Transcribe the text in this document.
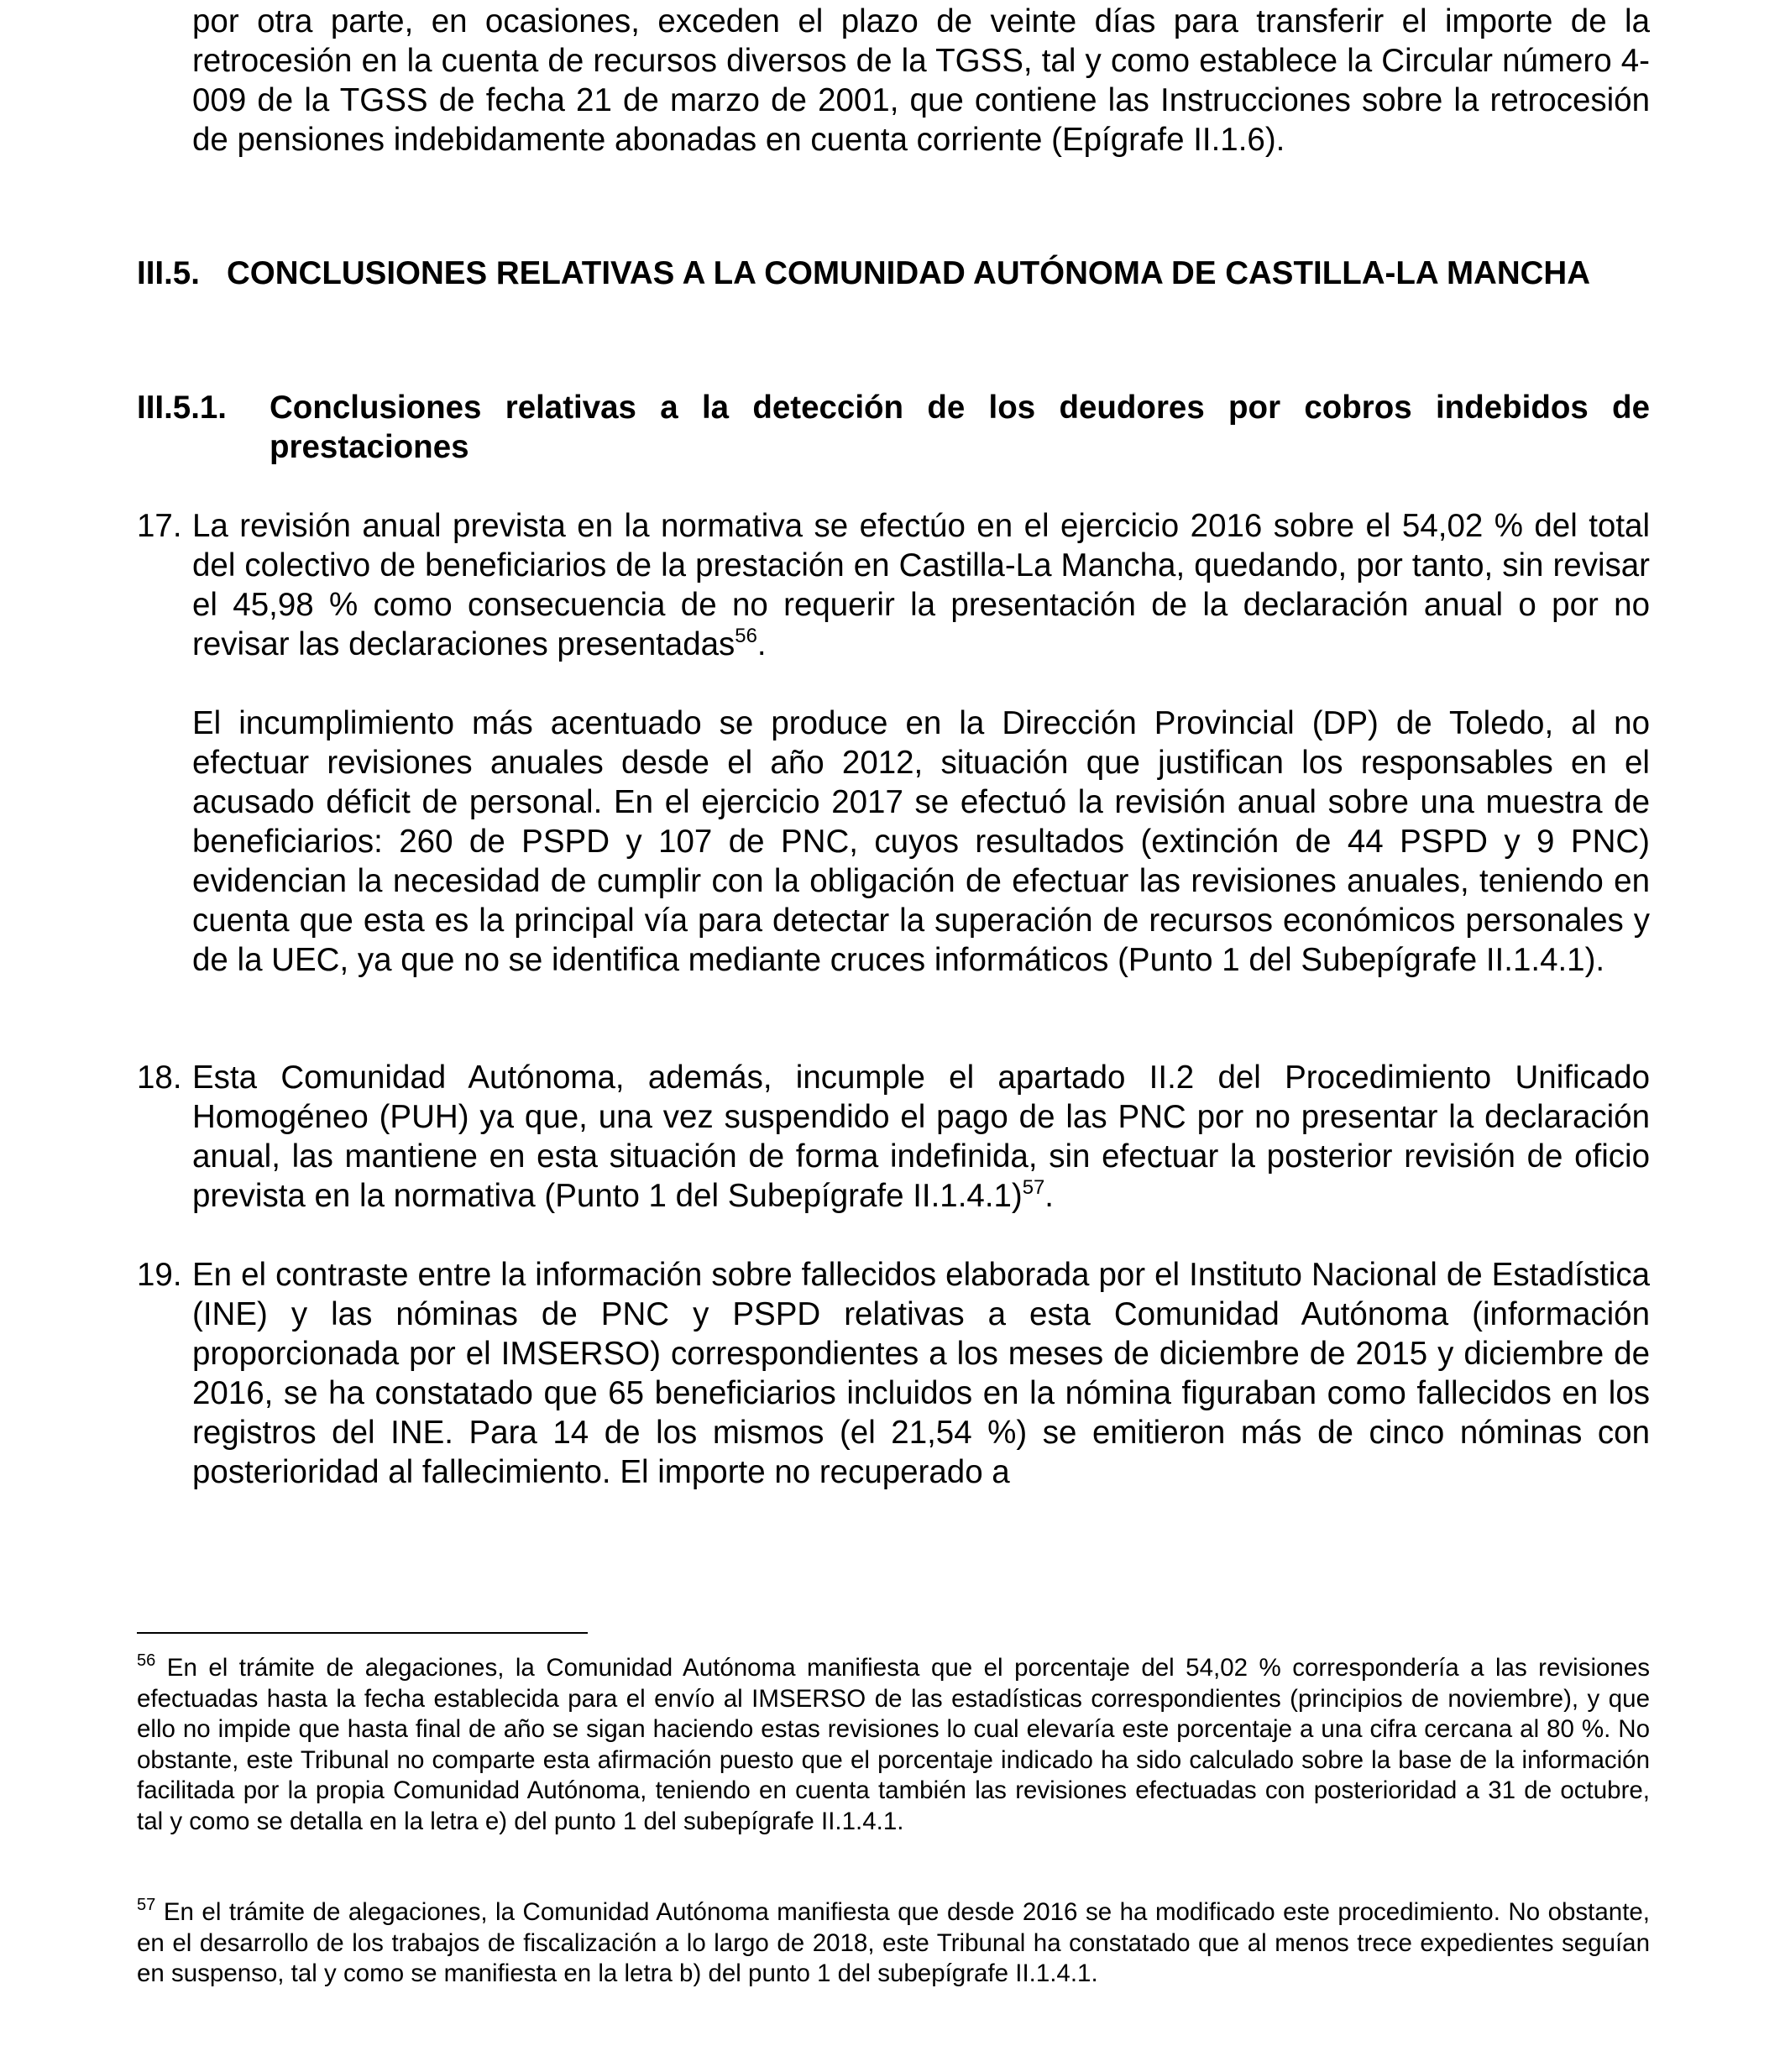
por otra parte, en ocasiones, exceden el plazo de veinte días para transferir el importe de la retrocesión en la cuenta de recursos diversos de la TGSS, tal y como establece la Circular número 4-009 de la TGSS de fecha 21 de marzo de 2001, que contiene las Instrucciones sobre la retrocesión de pensiones indebidamente abonadas en cuenta corriente (Epígrafe II.1.6).
III.5. CONCLUSIONES RELATIVAS A LA COMUNIDAD AUTÓNOMA DE CASTILLA-LA MANCHA
III.5.1. Conclusiones relativas a la detección de los deudores por cobros indebidos de prestaciones
17. La revisión anual prevista en la normativa se efectúo en el ejercicio 2016 sobre el 54,02 % del total del colectivo de beneficiarios de la prestación en Castilla-La Mancha, quedando, por tanto, sin revisar el 45,98 % como consecuencia de no requerir la presentación de la declaración anual o por no revisar las declaraciones presentadas$^{56}$.

El incumplimiento más acentuado se produce en la Dirección Provincial (DP) de Toledo, al no efectuar revisiones anuales desde el año 2012, situación que justifican los responsables en el acusado déficit de personal. En el ejercicio 2017 se efectuó la revisión anual sobre una muestra de beneficiarios: 260 de PSPD y 107 de PNC, cuyos resultados (extinción de 44 PSPD y 9 PNC) evidencian la necesidad de cumplir con la obligación de efectuar las revisiones anuales, teniendo en cuenta que esta es la principal vía para detectar la superación de recursos económicos personales y de la UEC, ya que no se identifica mediante cruces informáticos (Punto 1 del Subepígrafe II.1.4.1).

18. Esta Comunidad Autónoma, además, incumple el apartado II.2 del Procedimiento Unificado Homogéneo (PUH) ya que, una vez suspendido el pago de las PNC por no presentar la declaración anual, las mantiene en esta situación de forma indefinida, sin efectuar la posterior revisión de oficio prevista en la normativa (Punto 1 del Subepígrafe II.1.4.1)$^{57}$.

19. En el contraste entre la información sobre fallecidos elaborada por el Instituto Nacional de Estadística (INE) y las nóminas de PNC y PSPD relativas a esta Comunidad Autónoma (información proporcionada por el IMSERSO) correspondientes a los meses de diciembre de 2015 y diciembre de 2016, se ha constatado que 65 beneficiarios incluidos en la nómina figuraban como fallecidos en los registros del INE. Para 14 de los mismos (el 21,54 %) se emitieron más de cinco nóminas con posterioridad al fallecimiento. El importe no recuperado a

$^{56}$ En el trámite de alegaciones, la Comunidad Autónoma manifiesta que el porcentaje del 54,02 % correspondería a las revisiones efectuadas hasta la fecha establecida para el envío al IMSERSO de las estadísticas correspondientes (principios de noviembre), y que ello no impide que hasta final de año se sigan haciendo estas revisiones lo cual elevaría este porcentaje a una cifra cercana al 80 %. No obstante, este Tribunal no comparte esta afirmación puesto que el porcentaje indicado ha sido calculado sobre la base de la información facilitada por la propia Comunidad Autónoma, teniendo en cuenta también las revisiones efectuadas con posterioridad a 31 de octubre, tal y como se detalla en la letra e) del punto 1 del subepígrafe II.1.4.1.
$^{57}$ En el trámite de alegaciones, la Comunidad Autónoma manifiesta que desde 2016 se ha modificado este procedimiento. No obstante, en el desarrollo de los trabajos de fiscalización a lo largo de 2018, este Tribunal ha constatado que al menos trece expedientes seguían en suspenso, tal y como se manifiesta en la letra b) del punto 1 del subepígrafe II.1.4.1.
